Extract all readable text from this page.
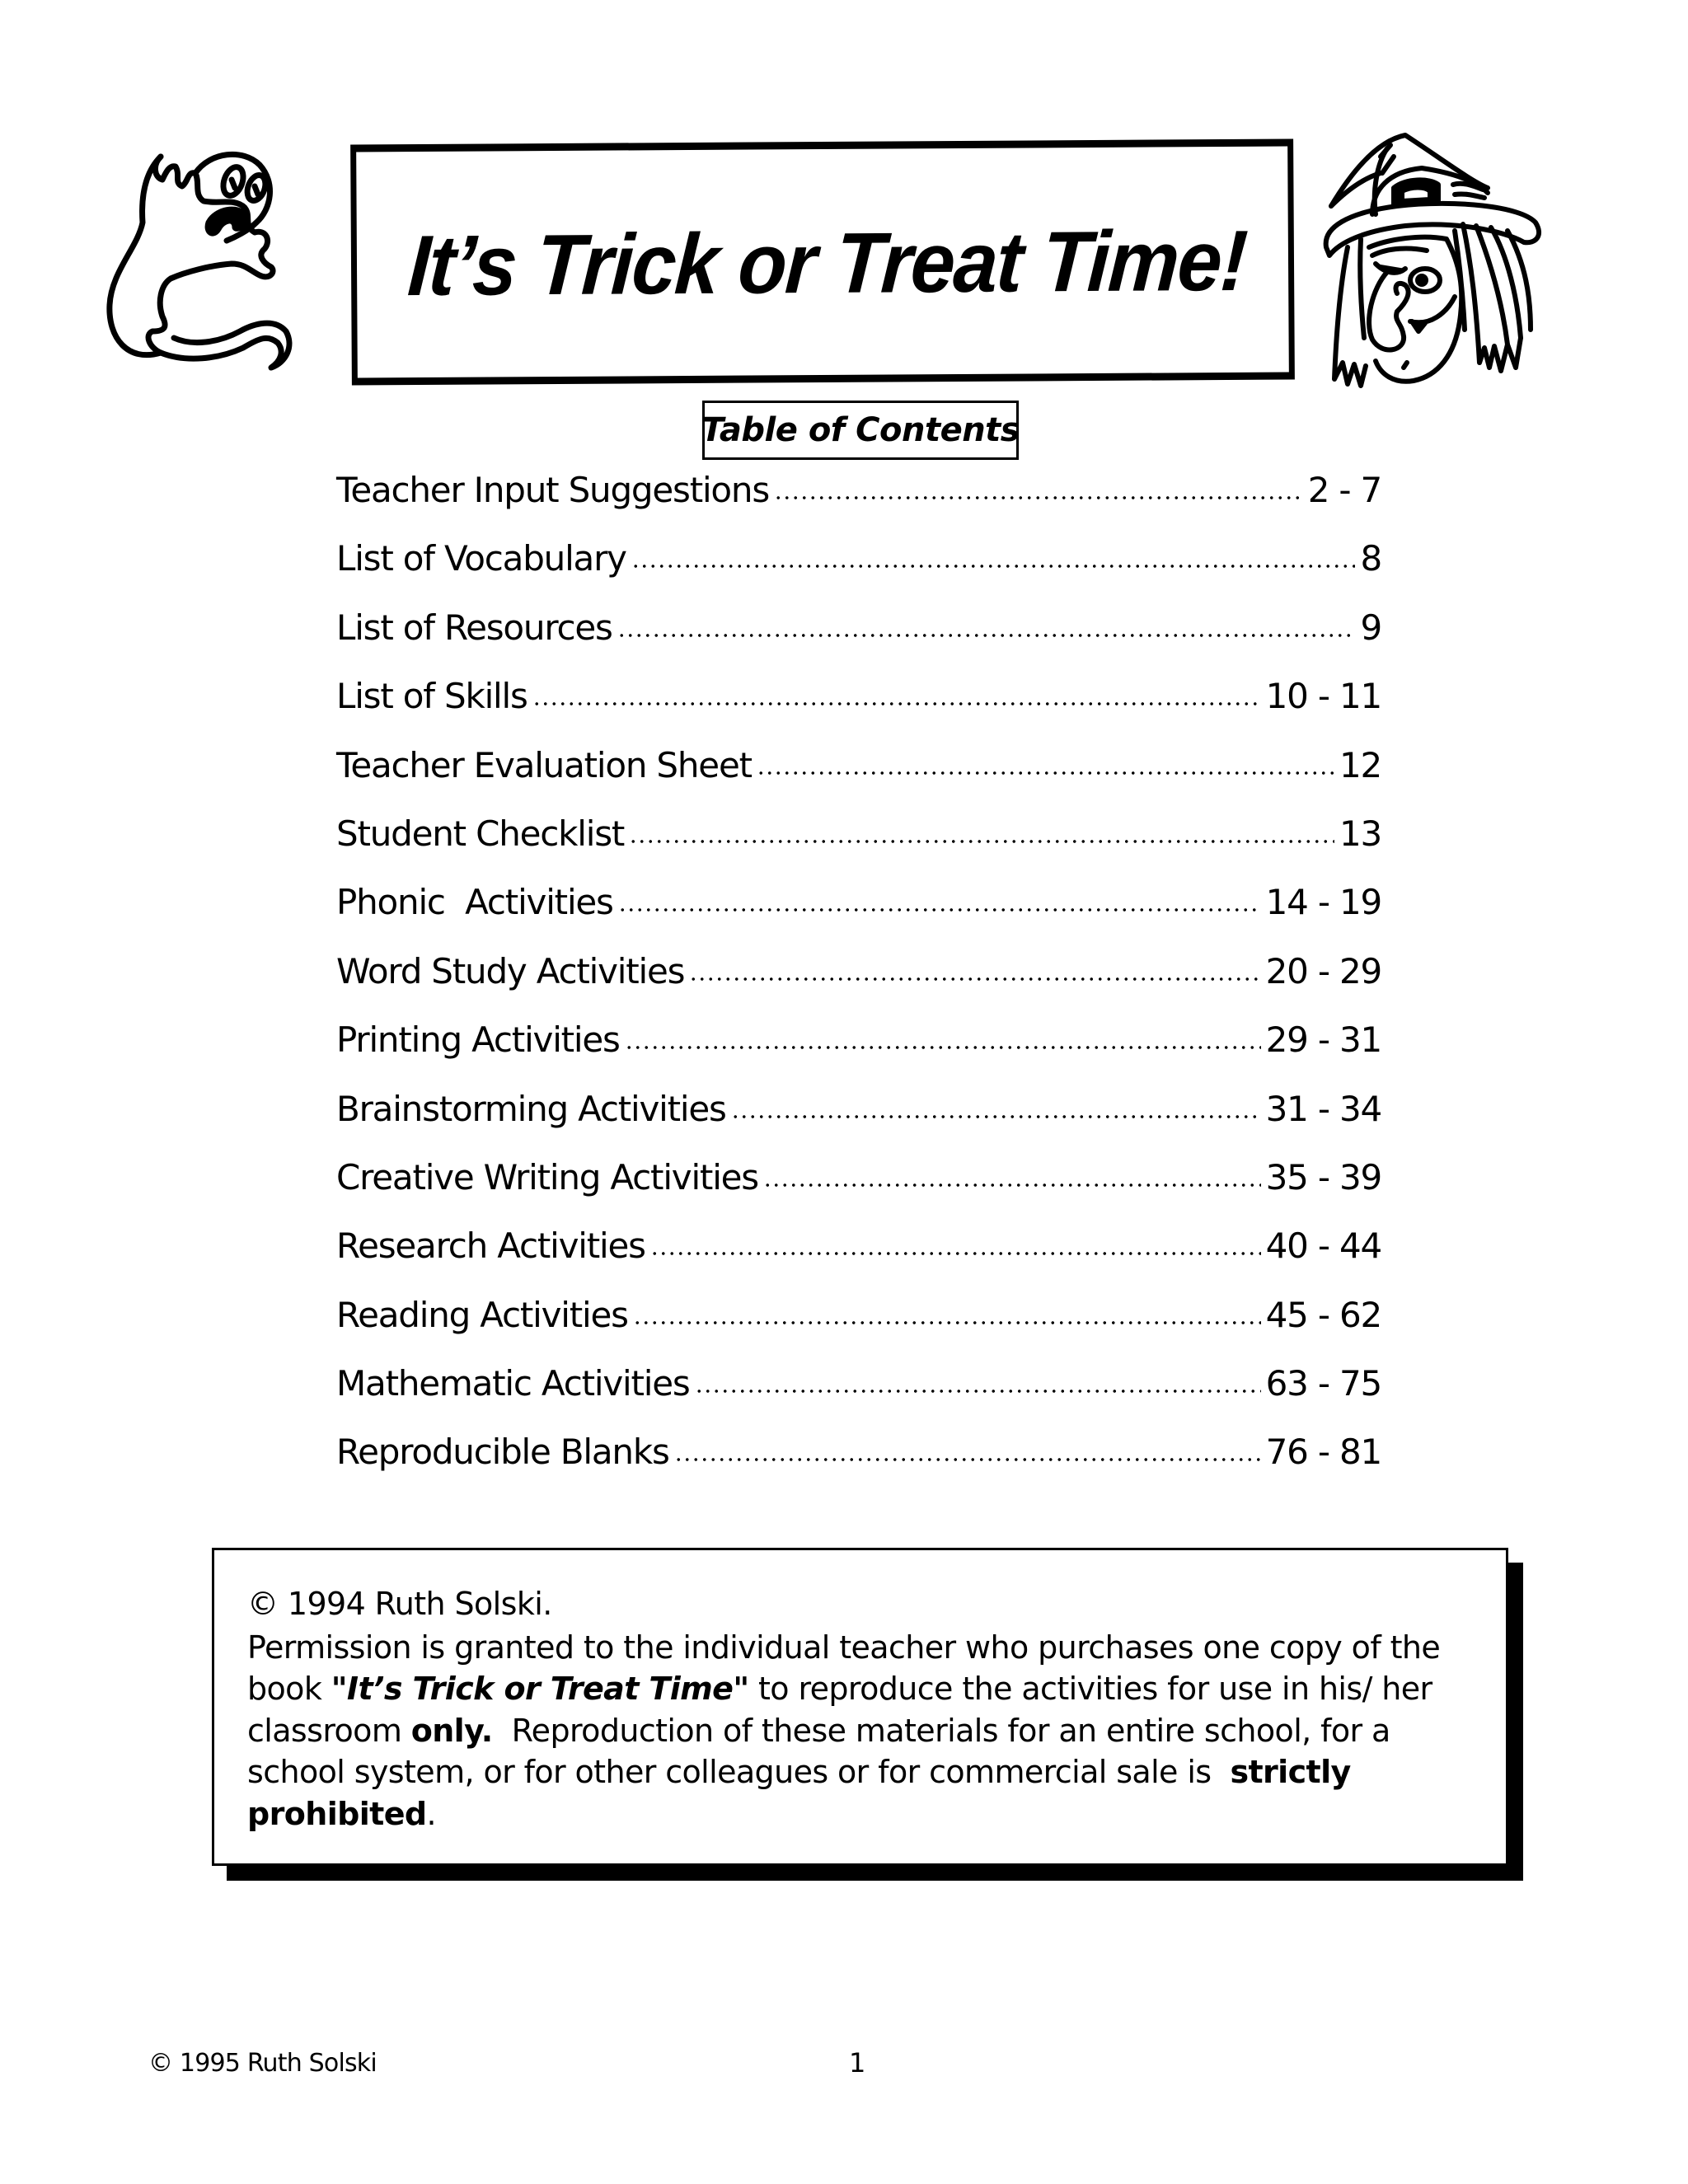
It’s Trick or Treat Time!
Table of Contents
Teacher Input Suggestions	2 - 7
List of Vocabulary	8
List of Resources	9
List of Skills	10 - 11
Teacher Evaluation Sheet	12
Student Checklist	13
Phonic  Activities	14 - 19
Word Study Activities	20 - 29
Printing Activities	29 - 31
Brainstorming Activities	31 - 34
Creative Writing Activities	35 - 39
Research Activities	40 - 44
Reading Activities	45 - 62
Mathematic Activities	63 - 75
Reproducible Blanks	76 - 81

© 1994 Ruth Solski.

Permission is granted to the individual teacher who purchases one copy of the book "It’s Trick or Treat Time" to reproduce the activities for use in his/ her classroom only.  Reproduction of these materials for an entire school, for a school system, or for other colleagues or for commercial sale is  strictly prohibited.

© 1995 Ruth Solski	1
